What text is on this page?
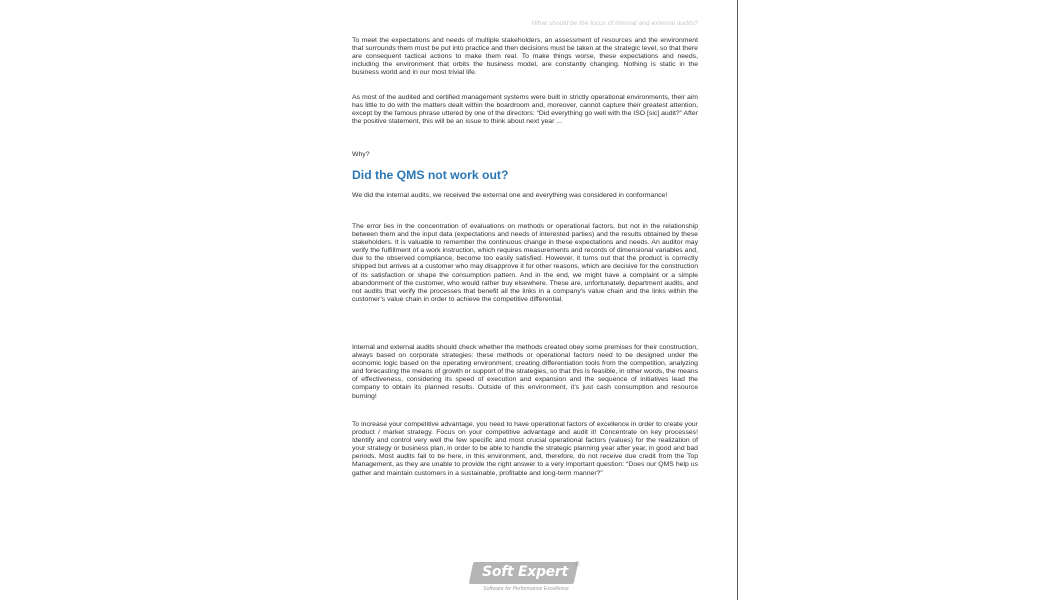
What should be the focus of internal and external audits?

To meet the expectations and needs of multiple stakeholders, an assessment of resources and the environment that surrounds them must be put into practice and then decisions must be taken at the strategic level, so that there are consequent tactical actions to make them real. To make things worse, these expectations and needs, including the environment that orbits the business model, are constantly changing. Nothing is static in the business world and in our most trivial life.

As most of the audited and certified management systems were built in strictly operational environments, their aim has little to do with the matters dealt within the boardroom and, moreover, cannot capture their greatest attention, except by the famous phrase uttered by one of the directors: “Did everything go well with the ISO [sic] audit?” After the positive statement, this will be an issue to think about next year ...

Why?

Did the QMS not work out?

We did the internal audits, we received the external one and everything was considered in conformance!

The error lies in the concentration of evaluations on methods or operational factors, but not in the relationship between them and the input data (expectations and needs of interested parties) and the results obtained by these stakeholders. It is valuable to remember the continuous change in these expectations and needs. An auditor may verify the fulfillment of a work instruction, which requires measurements and records of dimensional variables and, due to the observed compliance, become too easily satisfied. However, it turns out that the product is correctly shipped but arrives at a customer who may disapprove it for other reasons, which are decisive for the construction of its satisfaction or shape the consumption pattern. And in the end, we might have a complaint or a simple abandonment of the customer, who would rather buy elsewhere. These are, unfortunately, department audits, and not audits that verify the processes that benefit all the links in a company’s value chain and the links within the customer’s value chain in order to achieve the competitive differential.

Internal and external audits should check whether the methods created obey some premises for their construction, always based on corporate strategies: these methods or operational factors need to be designed under the economic logic based on the operating environment, creating differentiation tools from the competition, analyzing and forecasting the means of growth or support of the strategies, so that this is feasible, in other words, the means of effectiveness, considering its speed of execution and expansion and the sequence of initiatives lead the company to obtain its planned results. Outside of this environment, it’s just cash consumption and resource burning!

To increase your competitive advantage, you need to have operational factors of excellence in order to create your product / market strategy. Focus on your competitive advantage and audit it! Concentrate on key processes! Identify and control very well the few specific and most crucial operational factors (values) for the realization of your strategy or business plan, in order to be able to handle the strategic planning year after year, in good and bad periods. Most audits fail to be here, in this environment, and, therefore, do not receive due credit from the Top Management, as they are unable to provide the right answer to a very important question: “Does our QMS help us gather and maintain customers in a sustainable, profitable and long-term manner?”

Soft Expert	®
Software for Performance Excellence
